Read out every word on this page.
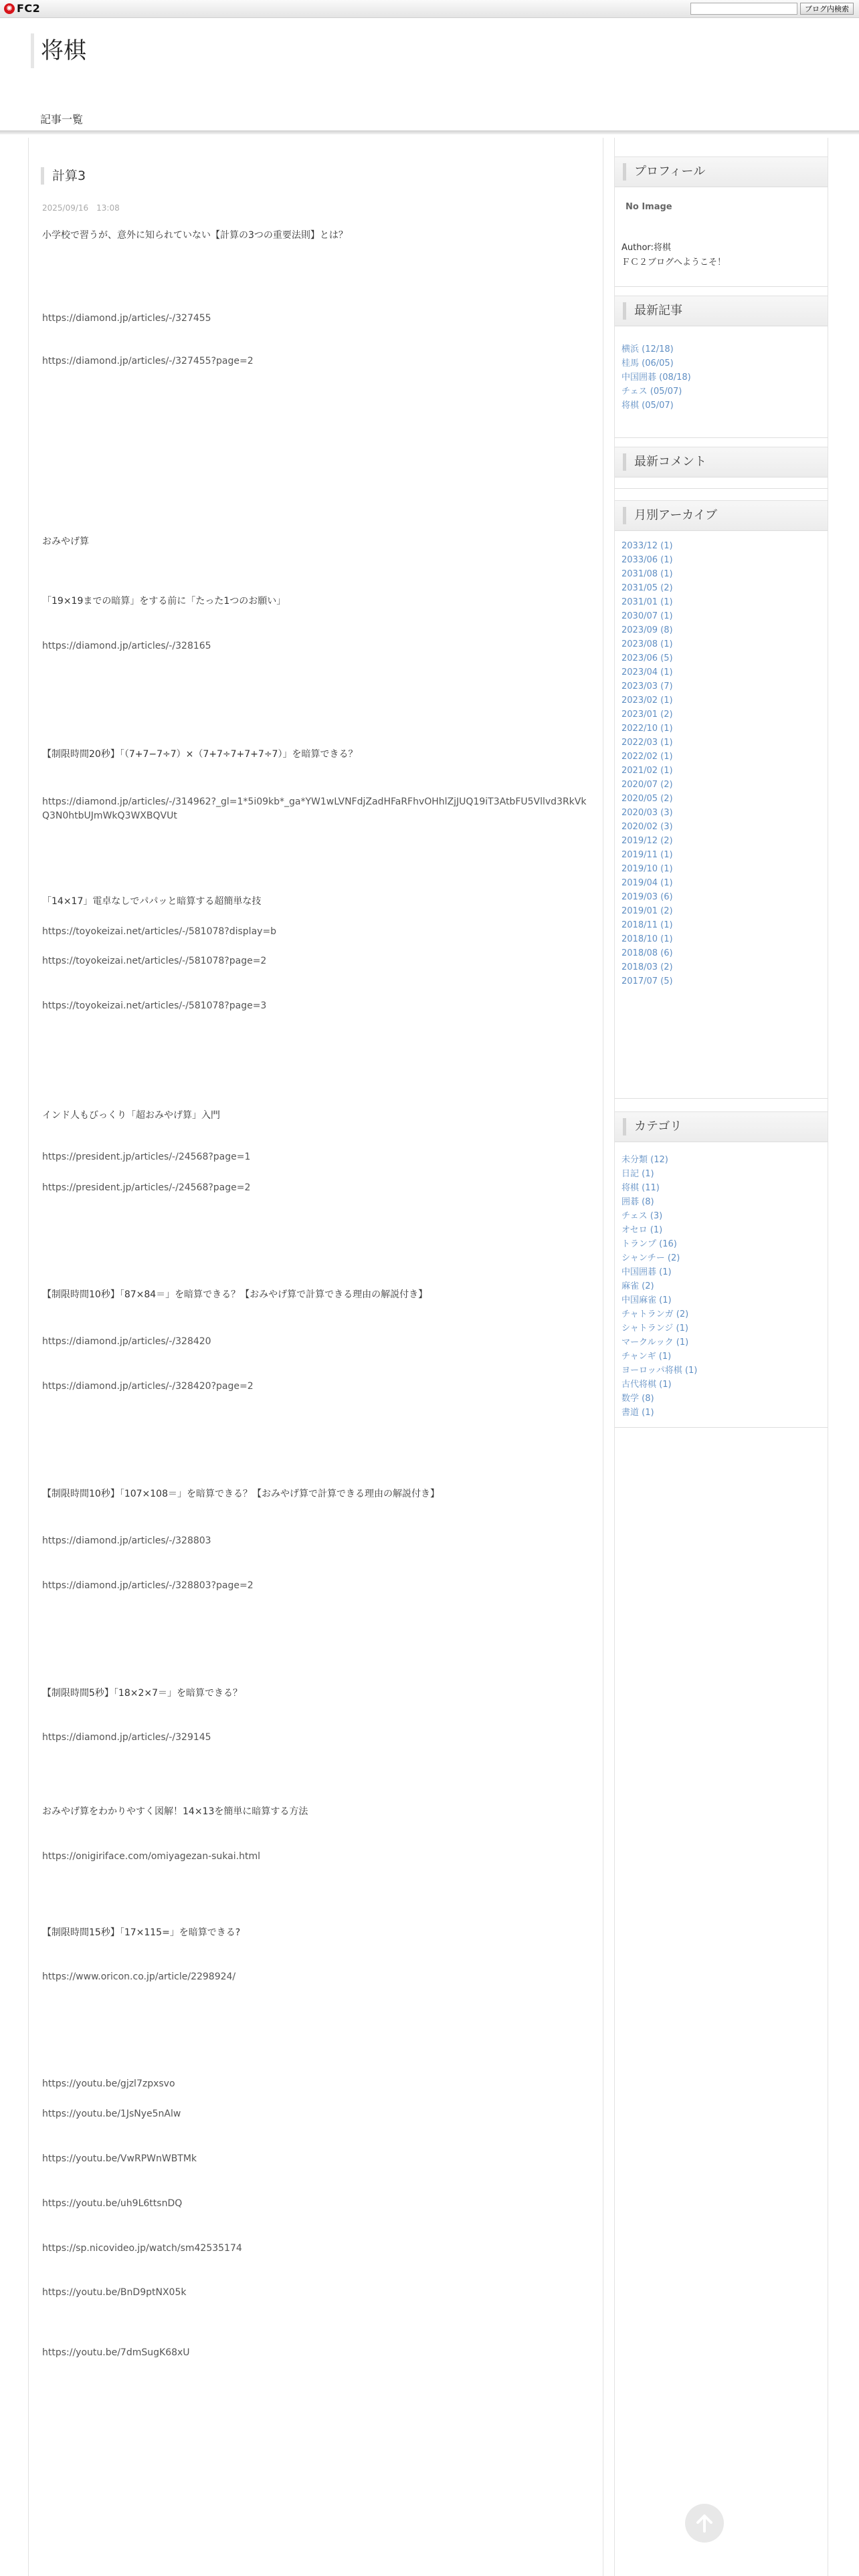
✺ FC2	ブログ内検索
将棋
記事一覧
計算3
2025/09/16　13:08
小学校で習うが、意外に知られていない【計算の3つの重要法則】とは？
https://diamond.jp/articles/-/327455
https://diamond.jp/articles/-/327455?page=2
おみやげ算
「19×19までの暗算」をする前に「たった1つのお願い」
https://diamond.jp/articles/-/328165
【制限時間20秒】「（7+7−7÷7）×（7+7÷7+7+7÷7）」を暗算できる？
https://diamond.jp/articles/-/314962?_gl=1*5i09kb*_ga*YW1wLVNFdjZadHFaRFhvOHhlZjJUQ19iT3AtbFU5Vllvd3RkVkQ3N0htbUJmWkQ3WXBQVUt
「14×17」電卓なしでパパッと暗算する超簡単な技
https://toyokeizai.net/articles/-/581078?display=b
https://toyokeizai.net/articles/-/581078?page=2
https://toyokeizai.net/articles/-/581078?page=3
インド人もびっくり「超おみやげ算」入門
https://president.jp/articles/-/24568?page=1
https://president.jp/articles/-/24568?page=2
【制限時間10秒】「87×84＝」を暗算できる？【おみやげ算で計算できる理由の解説付き】
https://diamond.jp/articles/-/328420
https://diamond.jp/articles/-/328420?page=2
【制限時間10秒】「107×108＝」を暗算できる？【おみやげ算で計算できる理由の解説付き】
https://diamond.jp/articles/-/328803
https://diamond.jp/articles/-/328803?page=2
【制限時間5秒】「18×2×7＝」を暗算できる？
https://diamond.jp/articles/-/329145
おみやげ算をわかりやすく図解！14×13を簡単に暗算する方法
https://onigiriface.com/omiyagezan-sukai.html
【制限時間15秒】「17×115=」を暗算できる?
https://www.oricon.co.jp/article/2298924/
https://youtu.be/gjzl7zpxsvo
https://youtu.be/1JsNye5nAlw
https://youtu.be/VwRPWnWBTMk
https://youtu.be/uh9L6ttsnDQ
https://sp.nicovideo.jp/watch/sm42535174
https://youtu.be/BnD9ptNX05k
https://youtu.be/7dmSugK68xU
プロフィール
No Image
Author:将棋
ＦＣ２ブログへようこそ！
最新記事
横浜 (12/18)
桂馬 (06/05)
中国囲碁 (08/18)
チェス (05/07)
将棋 (05/07)
最新コメント
月別アーカイブ
2033/12 (1)
2033/06 (1)
2031/08 (1)
2031/05 (2)
2031/01 (1)
2030/07 (1)
2023/09 (8)
2023/08 (1)
2023/06 (5)
2023/04 (1)
2023/03 (7)
2023/02 (1)
2023/01 (2)
2022/10 (1)
2022/03 (1)
2022/02 (1)
2021/02 (1)
2020/07 (2)
2020/05 (2)
2020/03 (3)
2020/02 (3)
2019/12 (2)
2019/11 (1)
2019/10 (1)
2019/04 (1)
2019/03 (6)
2019/01 (2)
2018/11 (1)
2018/10 (1)
2018/08 (6)
2018/03 (2)
2017/07 (5)
カテゴリ
未分類 (12)
日記 (1)
将棋 (11)
囲碁 (8)
チェス (3)
オセロ (1)
トランプ (16)
シャンチー (2)
中国囲碁 (1)
麻雀 (2)
中国麻雀 (1)
チャトランガ (2)
シャトランジ (1)
マークルック (1)
チャンギ (1)
ヨーロッパ将棋 (1)
古代将棋 (1)
数学 (8)
書道 (1)
